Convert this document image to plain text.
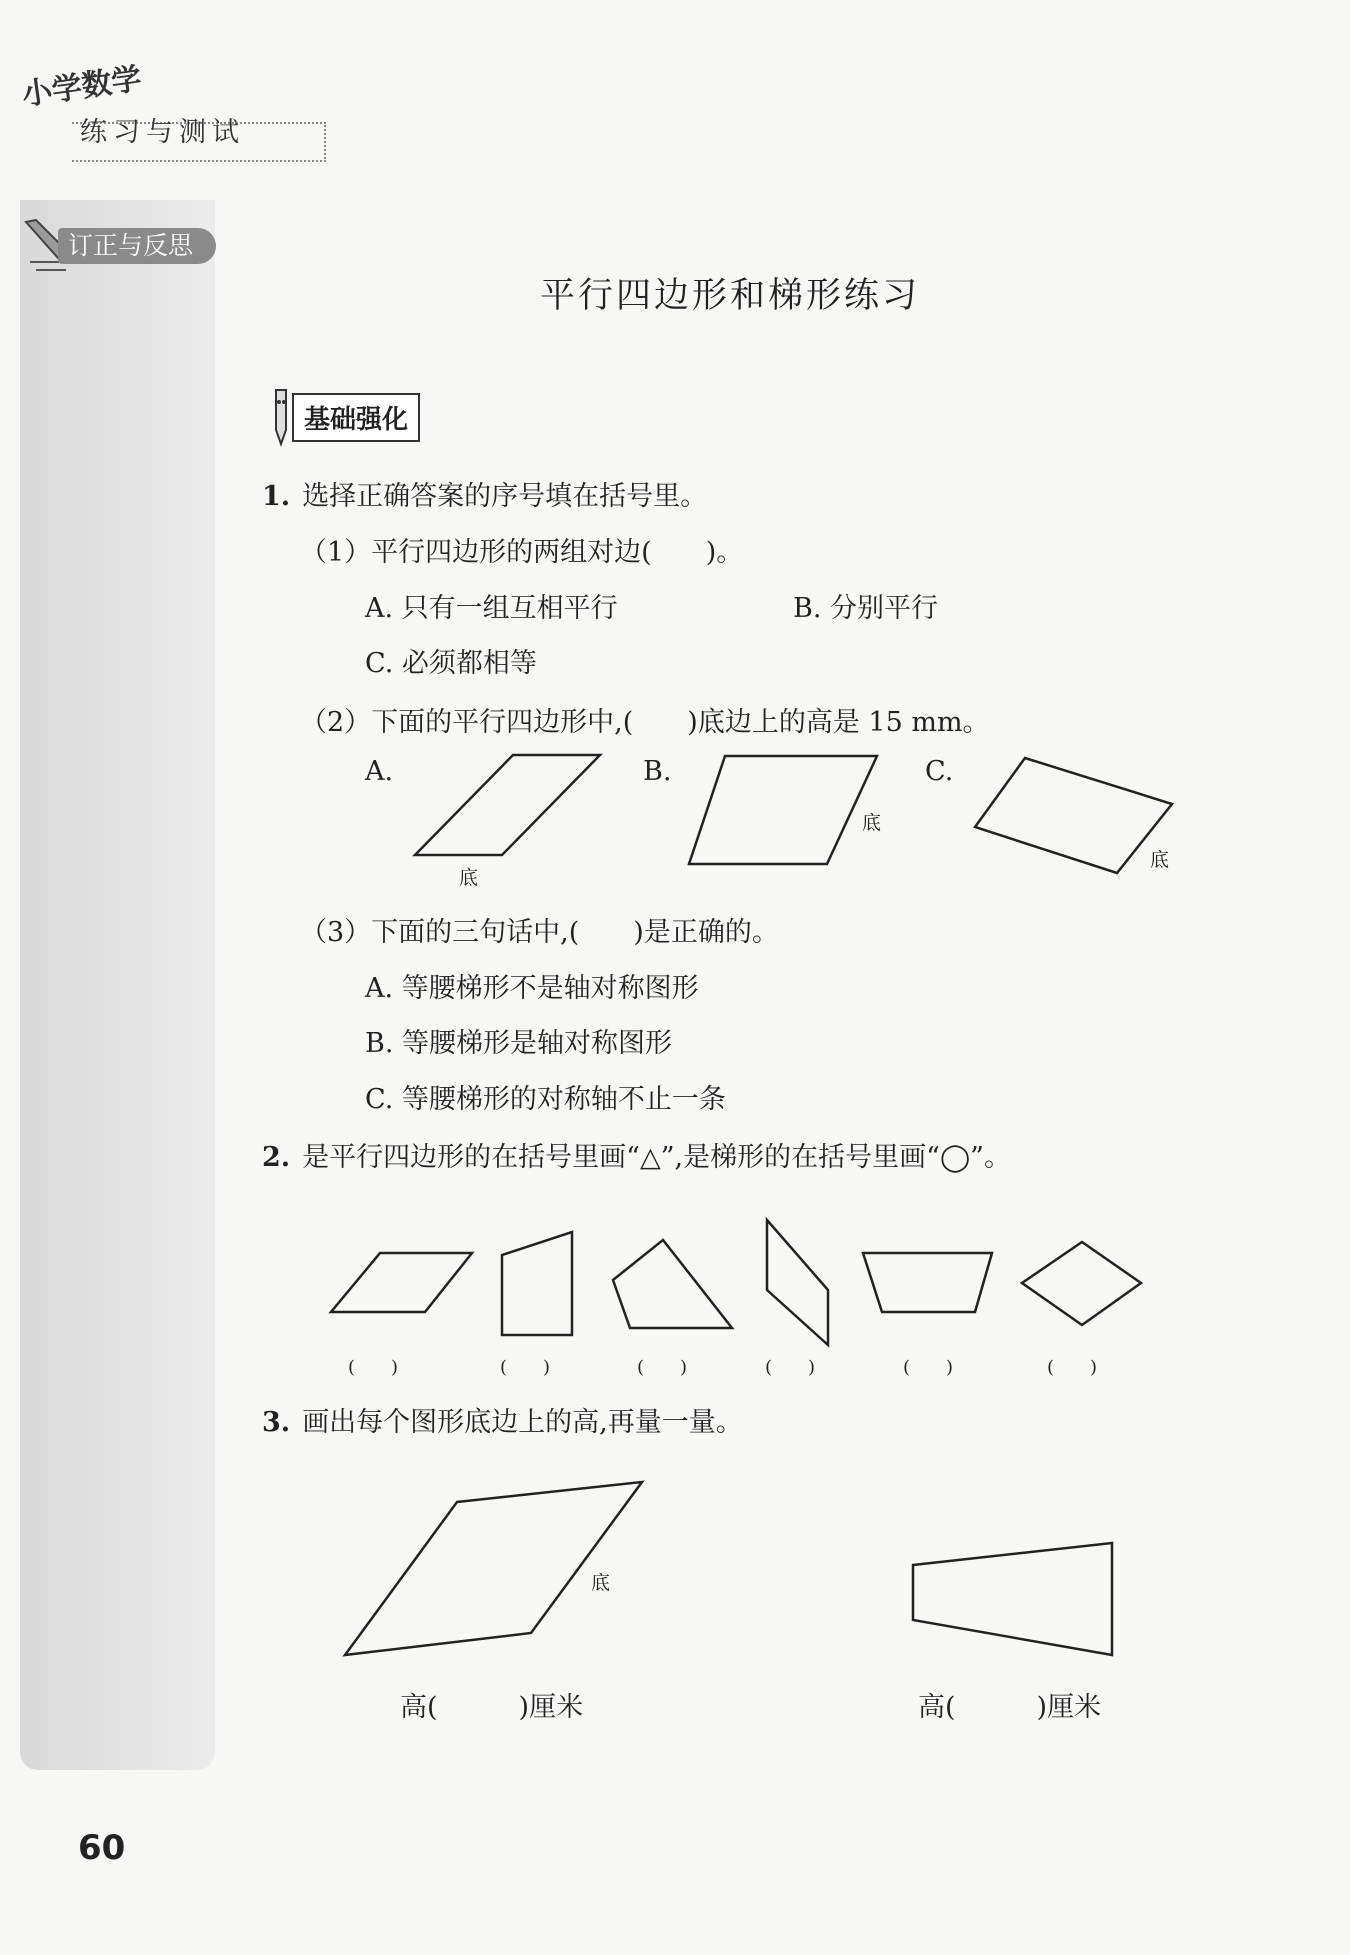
小学数学
练习与测试
订正与反思
平行四边形和梯形练习
基础强化
1. 选择正确答案的序号填在括号里。
（1）平行四边形的两组对边(　　)。
A. 只有一组互相平行	B. 分别平行
C. 必须都相等
（2）下面的平行四边形中,(　　)底边上的高是 15 mm。
A.	B.	C.
底
底
底
（3）下面的三句话中,(　　)是正确的。
A. 等腰梯形不是轴对称图形
B. 等腰梯形是轴对称图形
C. 等腰梯形的对称轴不止一条
2. 是平行四边形的在括号里画“△”,是梯形的在括号里画“◯”。
(　　)	(　　)	(　　)	(　　)	(　　)	(　　)
3. 画出每个图形底边上的高,再量一量。
底
高(　　　)厘米	高(　　　)厘米
60
